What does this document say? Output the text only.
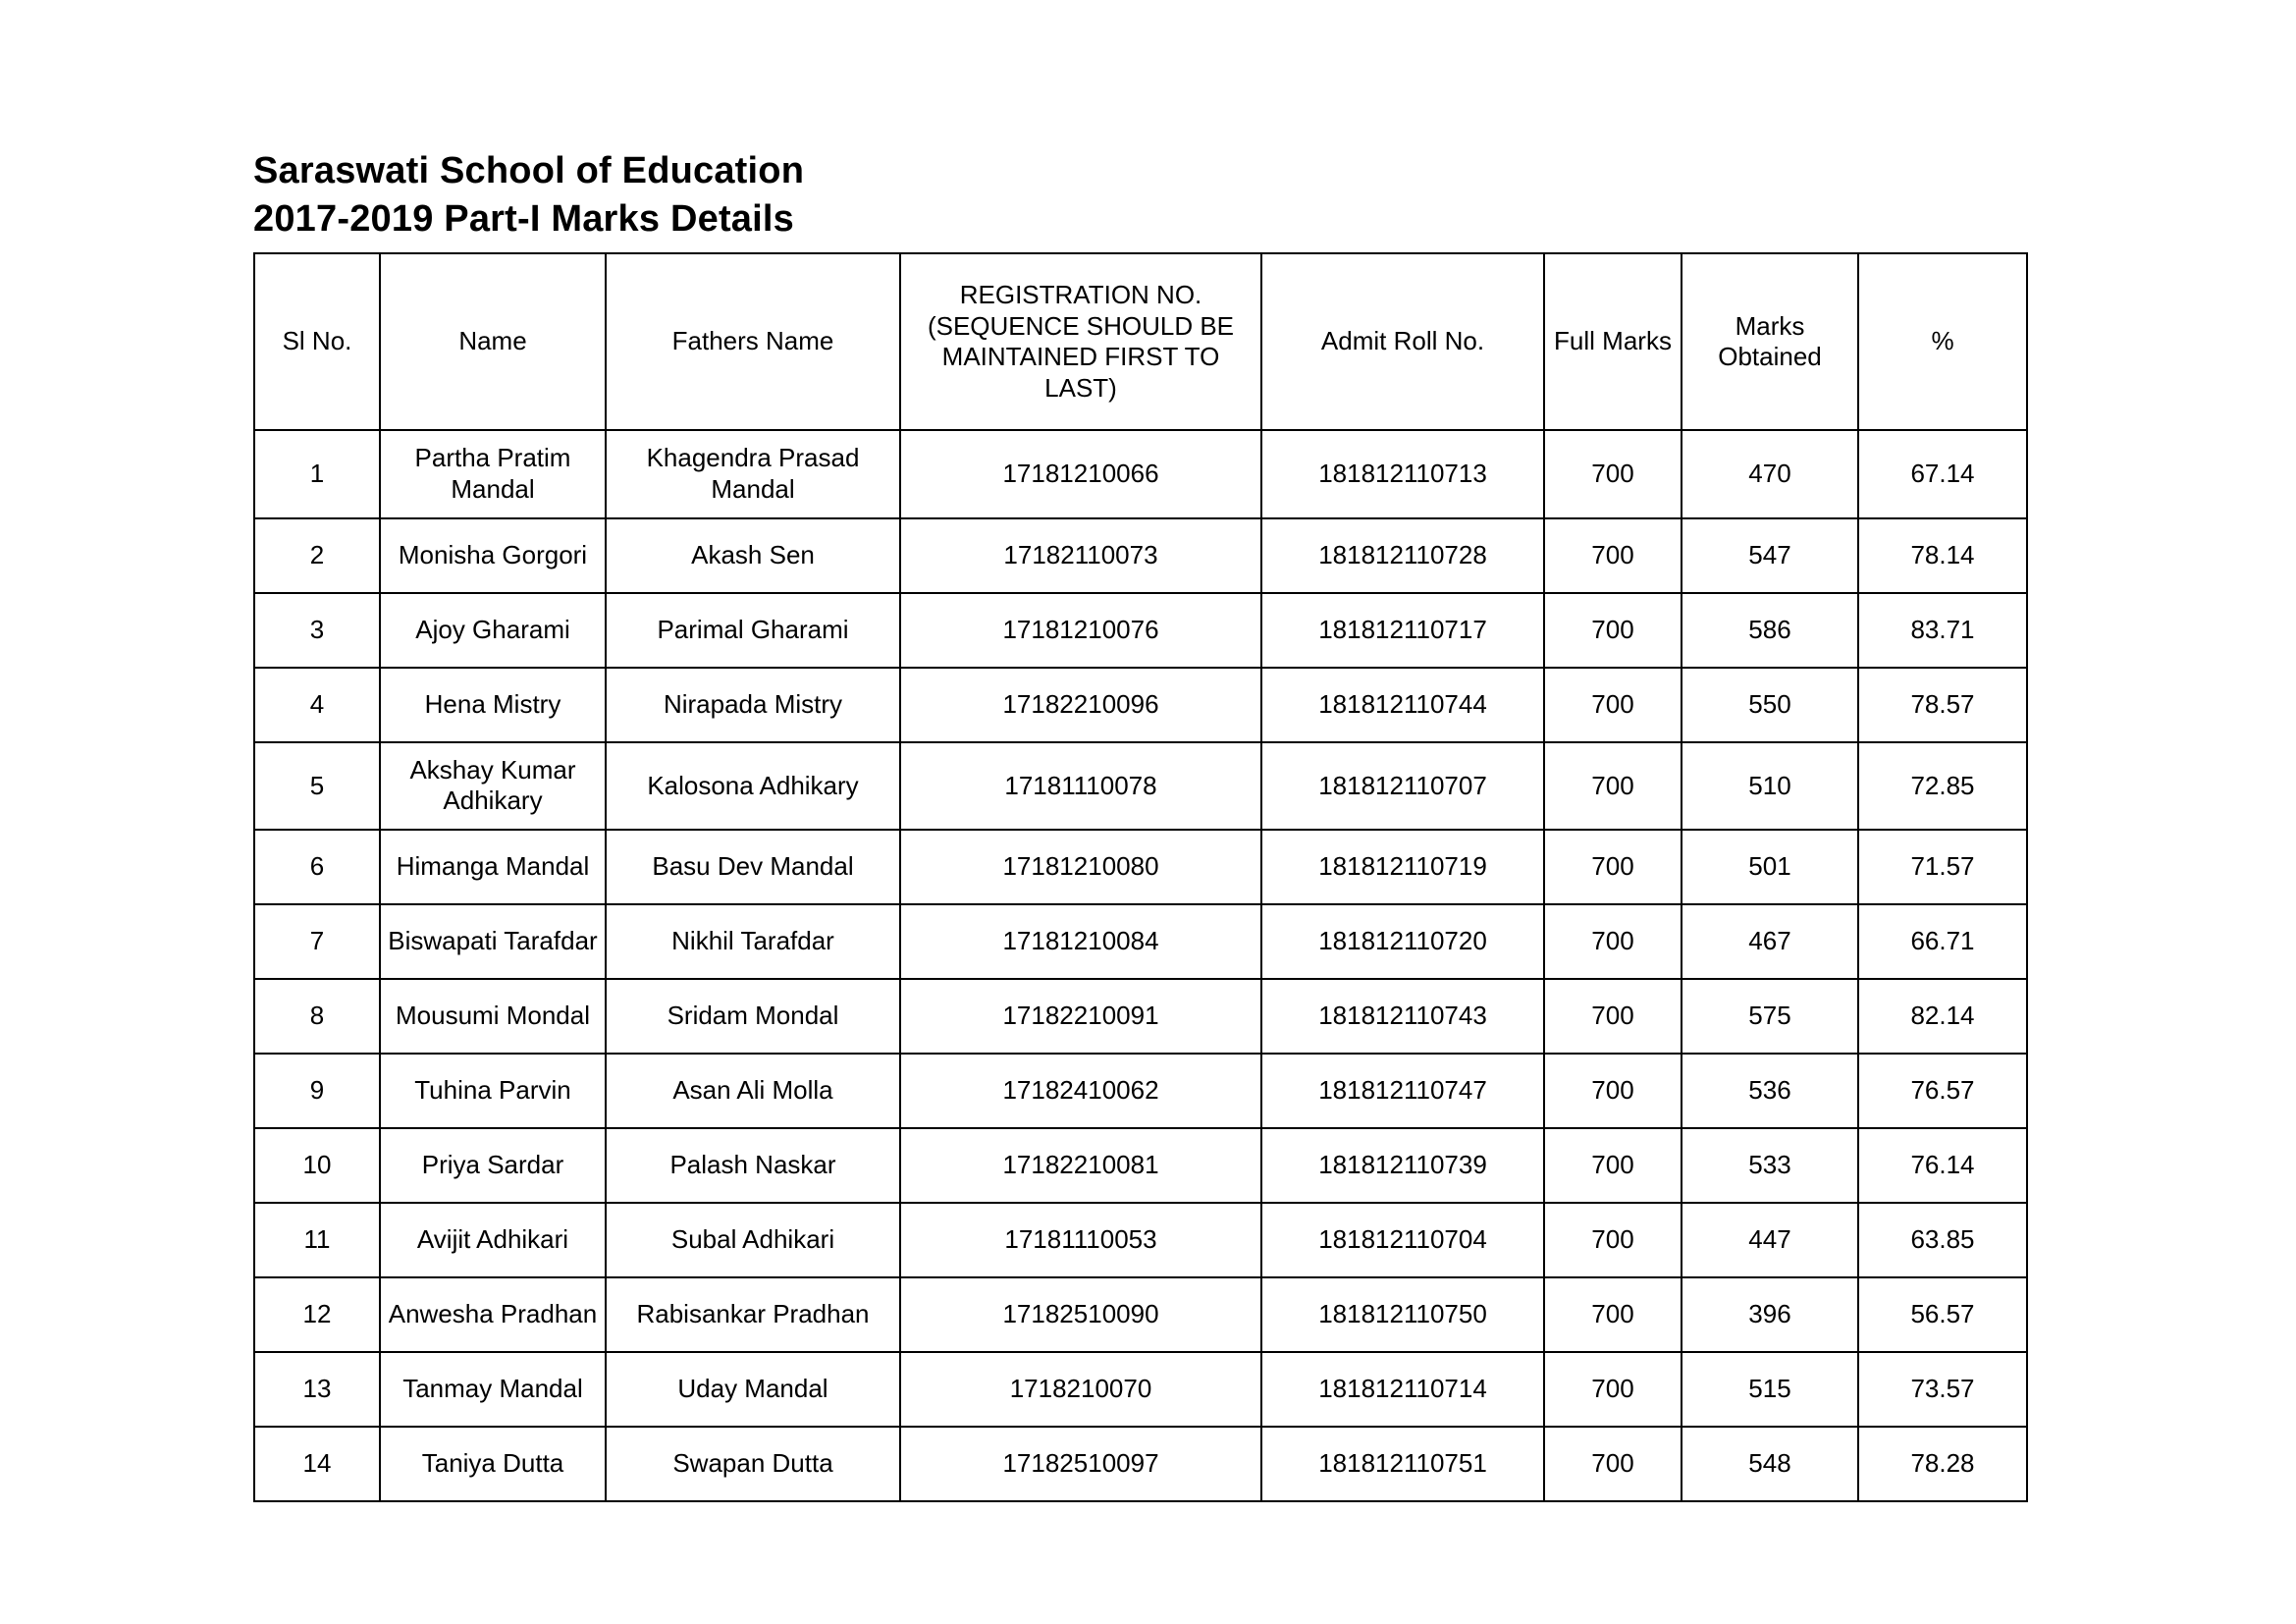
Saraswati School of Education
2017-2019 Part-I Marks Details
Sl No.	Name	Fathers Name	REGISTRATION NO. (SEQUENCE SHOULD BE MAINTAINED FIRST TO LAST)	Admit Roll No.	Full Marks	Marks Obtained	%
1	Partha Pratim Mandal	Khagendra Prasad Mandal	17181210066	181812110713	700	470	67.14
2	Monisha Gorgori	Akash Sen	17182110073	181812110728	700	547	78.14
3	Ajoy Gharami	Parimal Gharami	17181210076	181812110717	700	586	83.71
4	Hena Mistry	Nirapada Mistry	17182210096	181812110744	700	550	78.57
5	Akshay Kumar Adhikary	Kalosona Adhikary	17181110078	181812110707	700	510	72.85
6	Himanga Mandal	Basu Dev Mandal	17181210080	181812110719	700	501	71.57
7	Biswapati Tarafdar	Nikhil Tarafdar	17181210084	181812110720	700	467	66.71
8	Mousumi Mondal	Sridam Mondal	17182210091	181812110743	700	575	82.14
9	Tuhina Parvin	Asan Ali Molla	17182410062	181812110747	700	536	76.57
10	Priya Sardar	Palash Naskar	17182210081	181812110739	700	533	76.14
11	Avijit Adhikari	Subal Adhikari	17181110053	181812110704	700	447	63.85
12	Anwesha Pradhan	Rabisankar Pradhan	17182510090	181812110750	700	396	56.57
13	Tanmay Mandal	Uday Mandal	1718210070	181812110714	700	515	73.57
14	Taniya Dutta	Swapan Dutta	17182510097	181812110751	700	548	78.28
